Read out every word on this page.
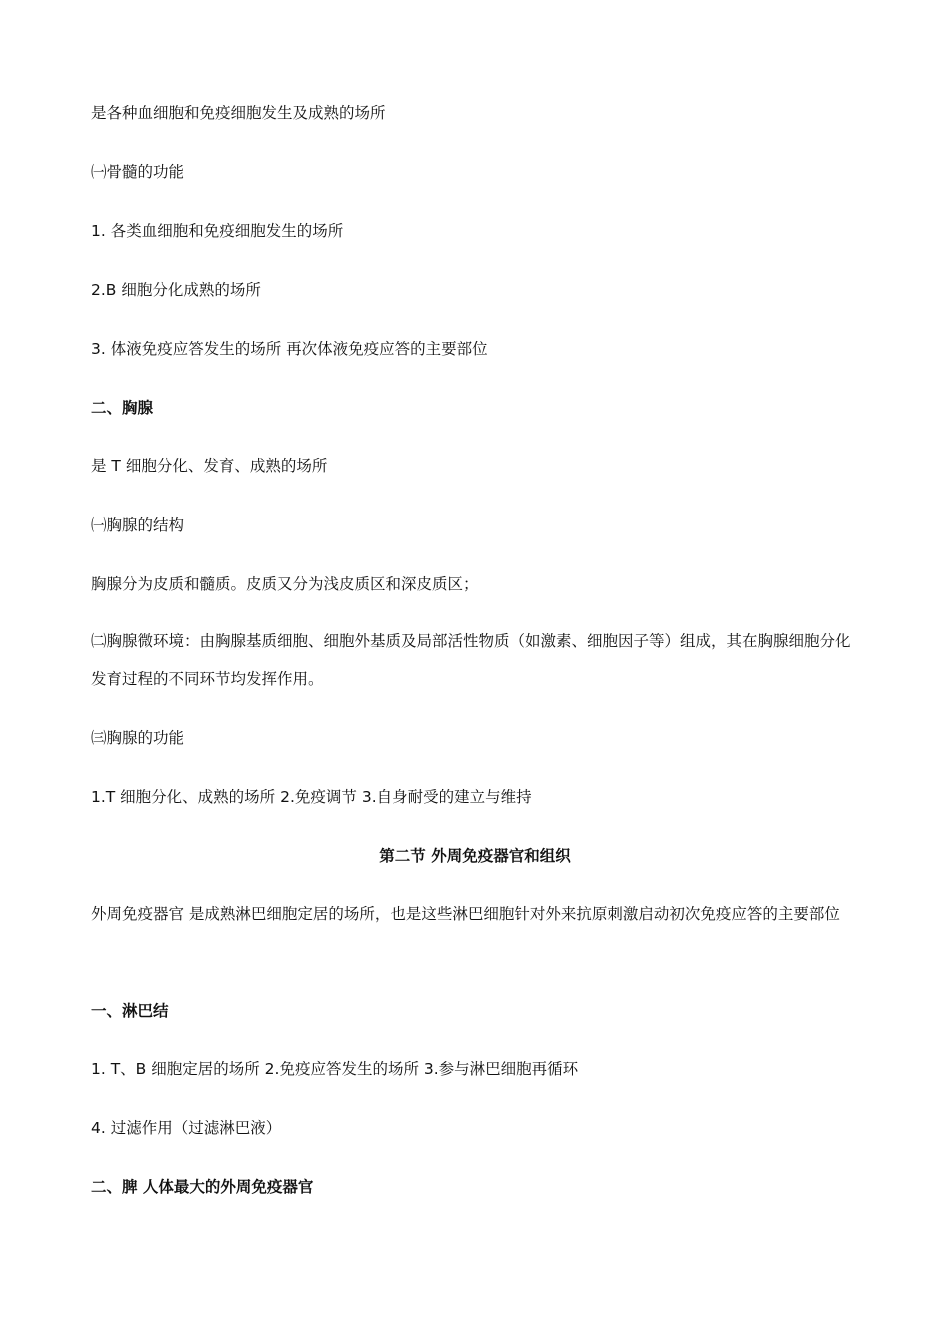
是各种血细胞和免疫细胞发生及成熟的场所
㈠骨髓的功能
1. 各类血细胞和免疫细胞发生的场所
2.B 细胞分化成熟的场所
3. 体液免疫应答发生的场所 再次体液免疫应答的主要部位
二、胸腺
是 T 细胞分化、发育、成熟的场所
㈠胸腺的结构
胸腺分为皮质和髓质。皮质又分为浅皮质区和深皮质区；
㈡胸腺微环境：由胸腺基质细胞、细胞外基质及局部活性物质（如激素、细胞因子等）组成，其在胸腺细胞分化发育过程的不同环节均发挥作用。
㈢胸腺的功能
1.T 细胞分化、成熟的场所 2.免疫调节 3.自身耐受的建立与维持
第二节 外周免疫器官和组织
外周免疫器官 是成熟淋巴细胞定居的场所，也是这些淋巴细胞针对外来抗原刺激启动初次免疫应答的主要部位
一、淋巴结
1. T、B 细胞定居的场所 2.免疫应答发生的场所 3.参与淋巴细胞再循环
4. 过滤作用（过滤淋巴液）
二、脾 人体最大的外周免疫器官
